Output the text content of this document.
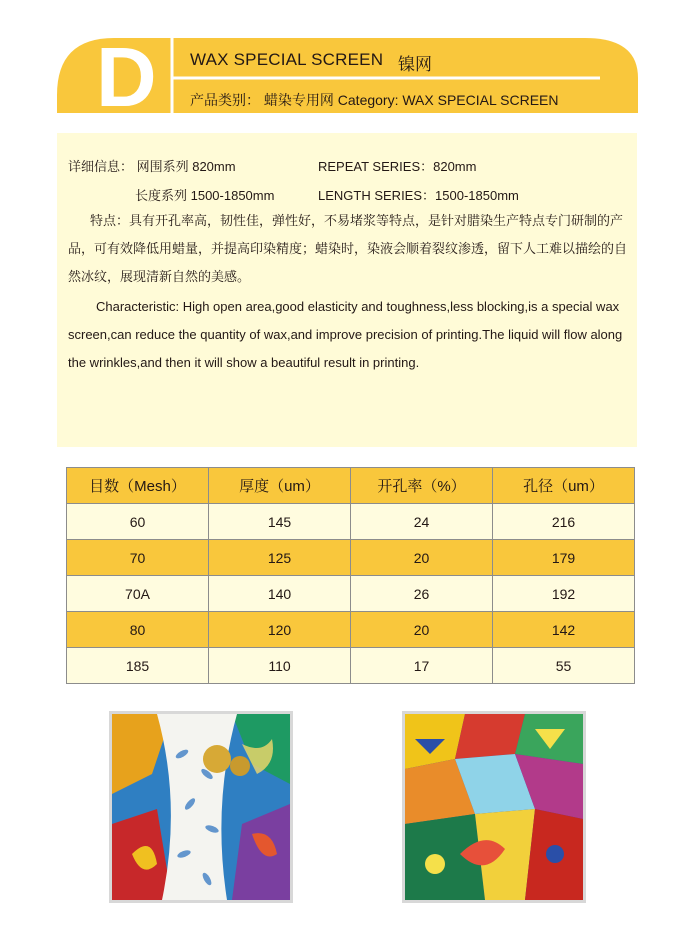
D WAX SPECIAL SCREEN 镍网
产品类别： 蜡染专用网 Category: WAX SPECIAL SCREEN
详细信息： 网围系列 820mm	REPEAT SERIES：820mm
长度系列 1500-1850mm	LENGTH SERIES：1500-1850mm
特点：具有开孔率高，韧性佳，弹性好，不易堵浆等特点，是针对腊染生产特点专门研制的产品，可有效降低用蜡量，并提高印染精度；蜡染时，染液会顺着裂纹渗透，留下人工难以描绘的自然冰纹，展现清新自然的美感。
Characteristic: High open area,good elasticity and toughness,less blocking,is a special wax screen,can reduce the quantity of wax,and improve precision of printing.The liquid will flow along the wrinkles,and then it will show a beautiful result in printing.
目数（Mesh）	厚度（um）	开孔率（%）	孔径（um）
60	145	24	216
70	125	20	179
70A	140	26	192
80	120	20	142
185	110	17	55
